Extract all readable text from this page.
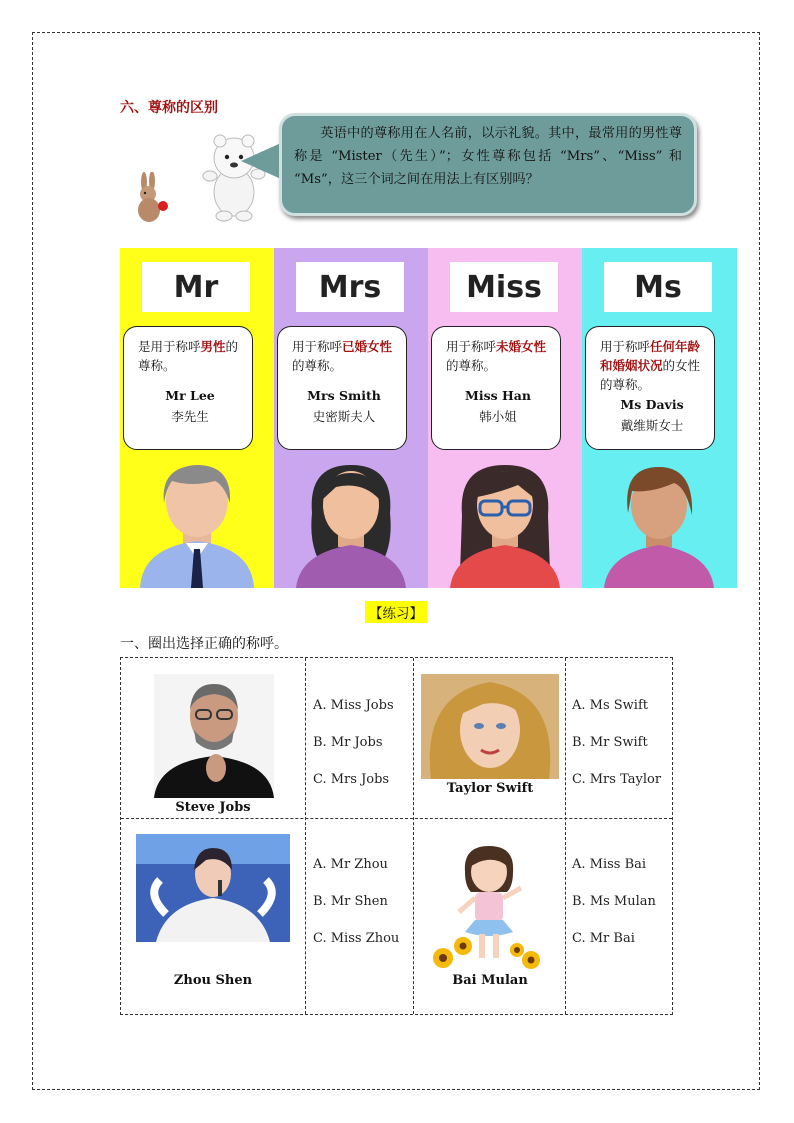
六、尊称的区别
英语中的尊称用在人名前，以示礼貌。其中，最常用的男性尊称是 “Mister（先生）”；女性尊称包括 “Mrs”、“Miss” 和 “Ms”，这三个词之间在用法上有区别吗？
Mr
是用于称呼男性的尊称。
Mr Lee
李先生
Mrs
用于称呼已婚女性的尊称。
Mrs Smith
史密斯夫人
Miss
用于称呼未婚女性的尊称。
Miss Han
韩小姐
Ms
用于称呼任何年龄和婚姻状况的女性的尊称。
Ms Davis
戴维斯女士
【练习】
一、圈出选择正确的称呼。
Steve Jobs
A. Miss Jobs
B. Mr Jobs
C. Mrs Jobs
Taylor Swift
A. Ms Swift
B. Mr Swift
C. Mrs Taylor
Zhou Shen
A. Mr Zhou
B. Mr Shen
C. Miss Zhou
Bai Mulan
A. Miss Bai
B. Ms Mulan
C. Mr Bai
